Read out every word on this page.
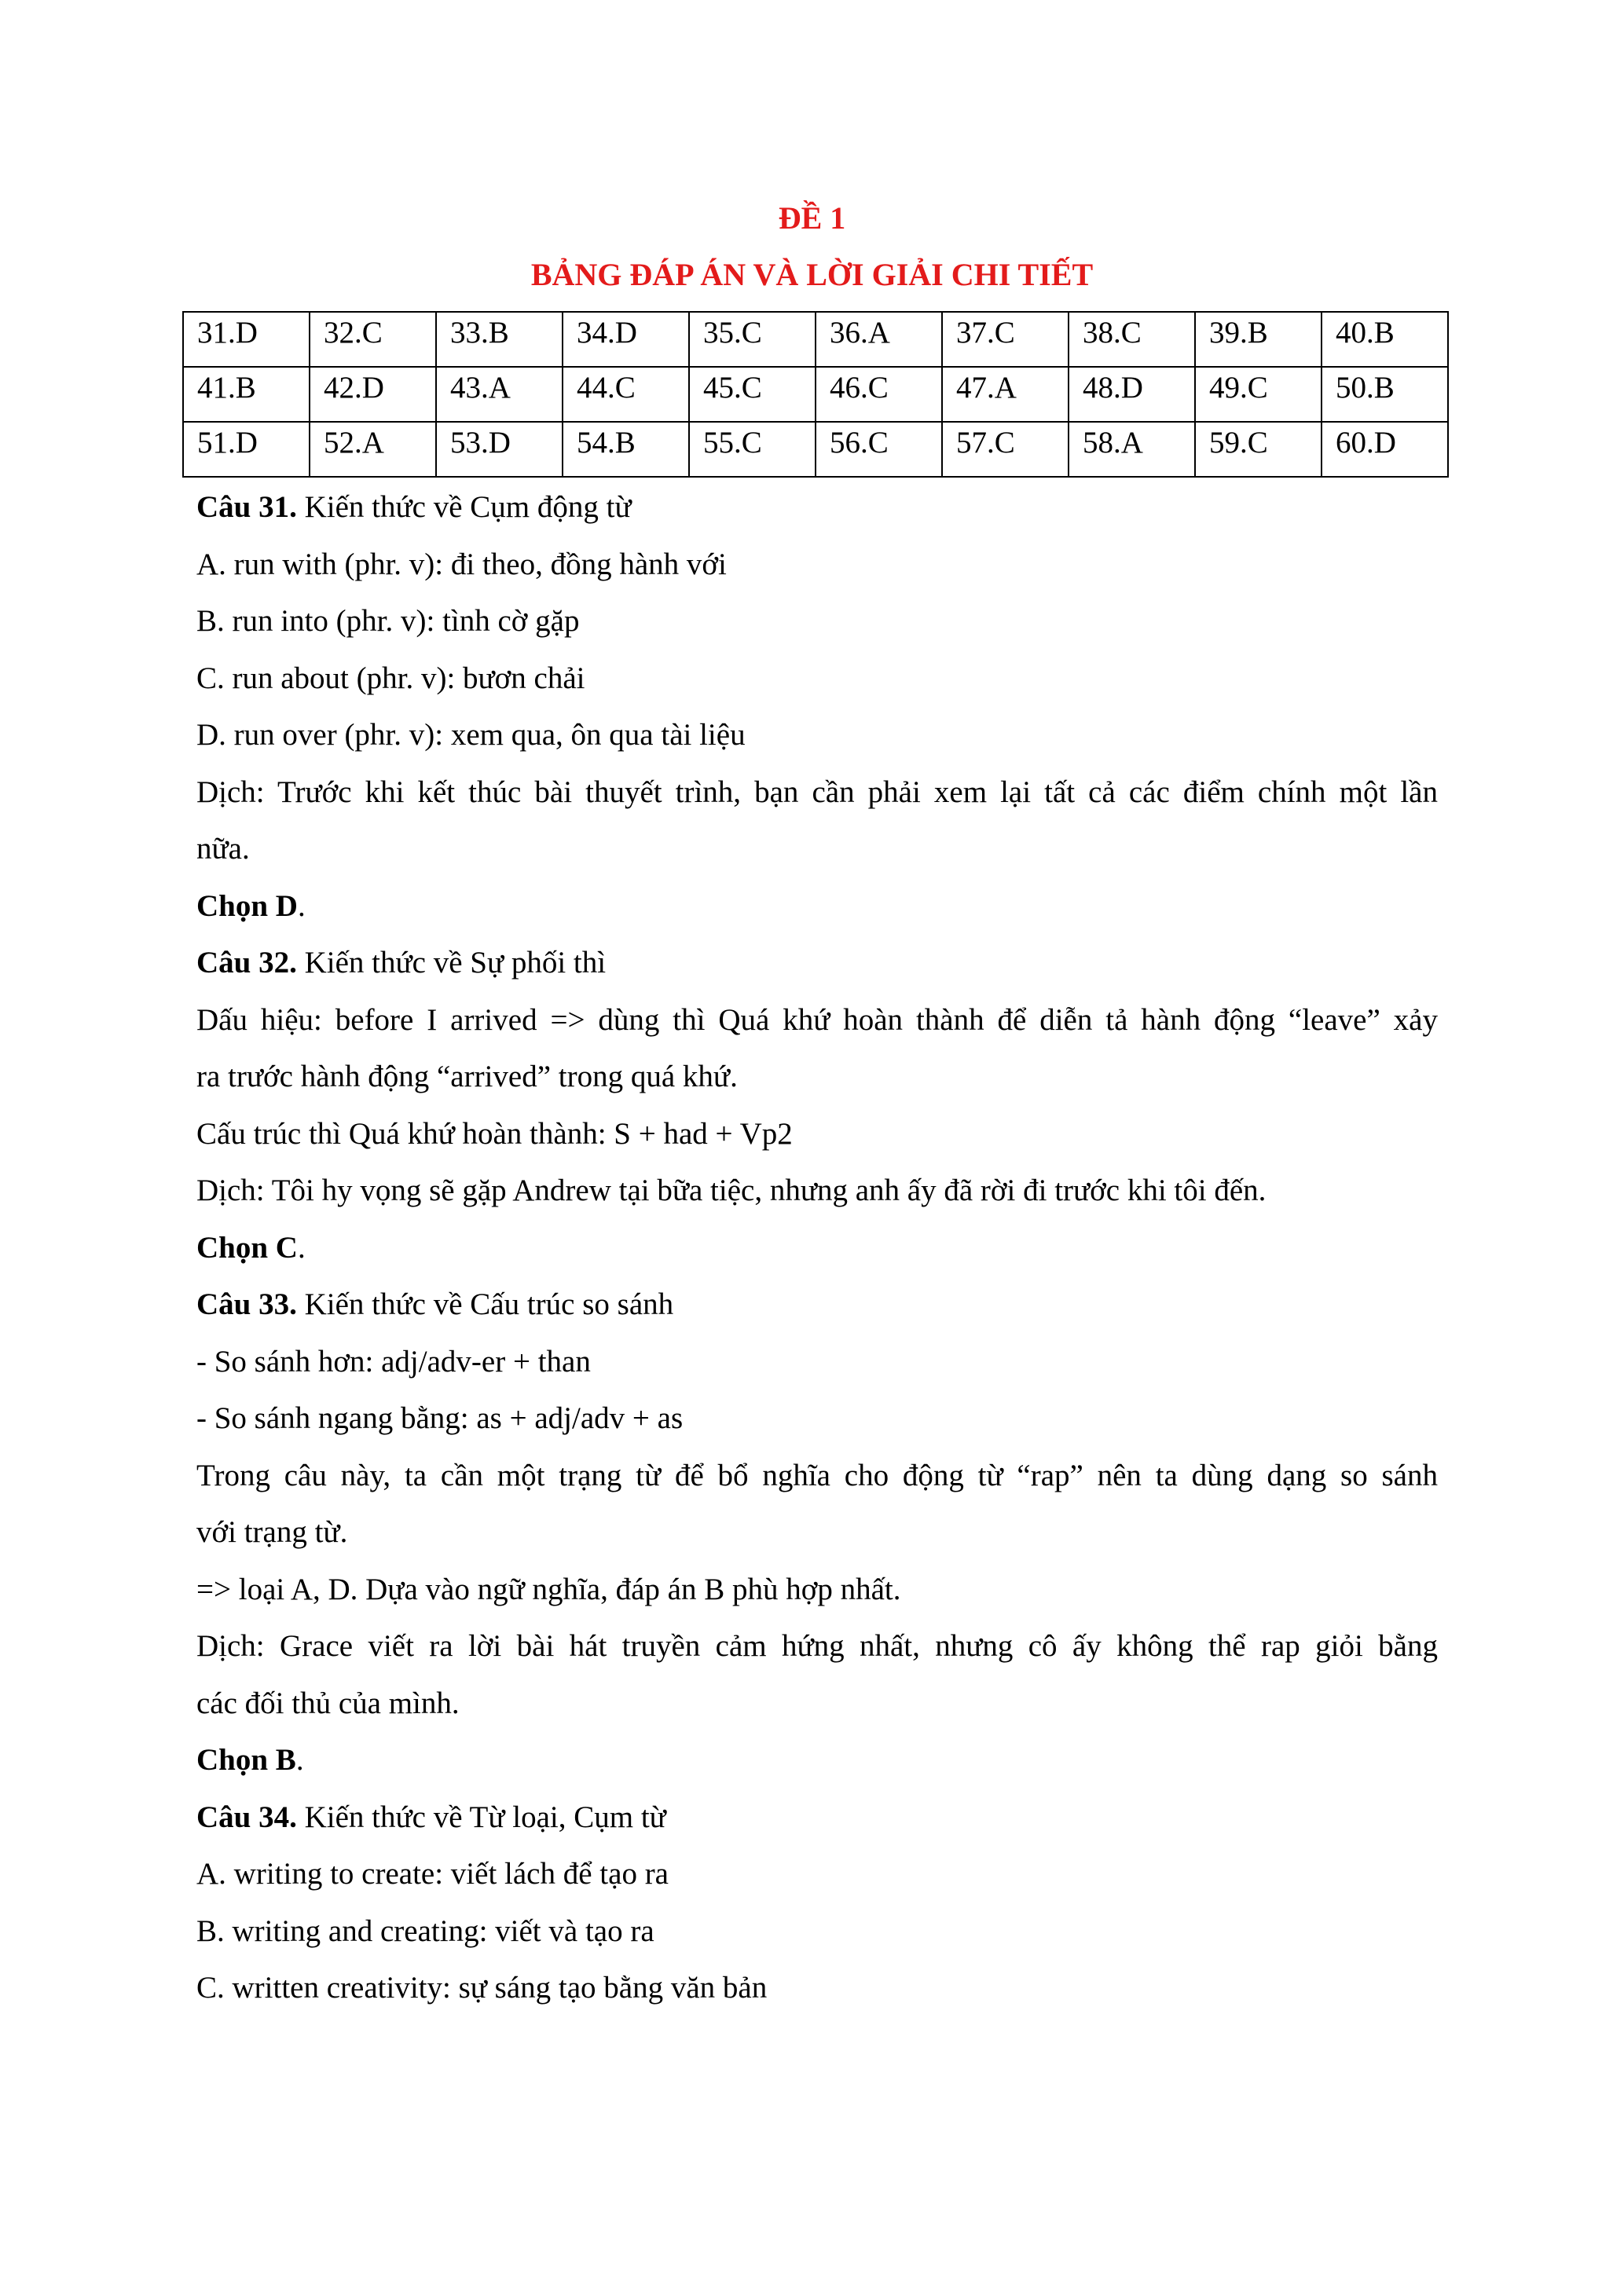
ĐỀ 1
BẢNG ĐÁP ÁN VÀ LỜI GIẢI CHI TIẾT
31.D	32.C	33.B	34.D	35.C	36.A	37.C	38.C	39.B	40.B
41.B	42.D	43.A	44.C	45.C	46.C	47.A	48.D	49.C	50.B
51.D	52.A	53.D	54.B	55.C	56.C	57.C	58.A	59.C	60.D
Câu 31. Kiến thức về Cụm động từ
A. run with (phr. v): đi theo, đồng hành với
B. run into (phr. v): tình cờ gặp
C. run about (phr. v): bươn chải
D. run over (phr. v): xem qua, ôn qua tài liệu
Dịch: Trước khi kết thúc bài thuyết trình, bạn cần phải xem lại tất cả các điểm chính một lần
nữa.
Chọn D.
Câu 32. Kiến thức về Sự phối thì
Dấu hiệu: before I arrived => dùng thì Quá khứ hoàn thành để diễn tả hành động “leave” xảy
ra trước hành động “arrived” trong quá khứ.
Cấu trúc thì Quá khứ hoàn thành: S + had + Vp2
Dịch: Tôi hy vọng sẽ gặp Andrew tại bữa tiệc, nhưng anh ấy đã rời đi trước khi tôi đến.
Chọn C.
Câu 33. Kiến thức về Cấu trúc so sánh
- So sánh hơn: adj/adv-er + than
- So sánh ngang bằng: as + adj/adv + as
Trong câu này, ta cần một trạng từ để bổ nghĩa cho động từ “rap” nên ta dùng dạng so sánh
với trạng từ.
=> loại A, D. Dựa vào ngữ nghĩa, đáp án B phù hợp nhất.
Dịch: Grace viết ra lời bài hát truyền cảm hứng nhất, nhưng cô ấy không thể rap giỏi bằng
các đối thủ của mình.
Chọn B.
Câu 34. Kiến thức về Từ loại, Cụm từ
A. writing to create: viết lách để tạo ra
B. writing and creating: viết và tạo ra
C. written creativity: sự sáng tạo bằng văn bản
